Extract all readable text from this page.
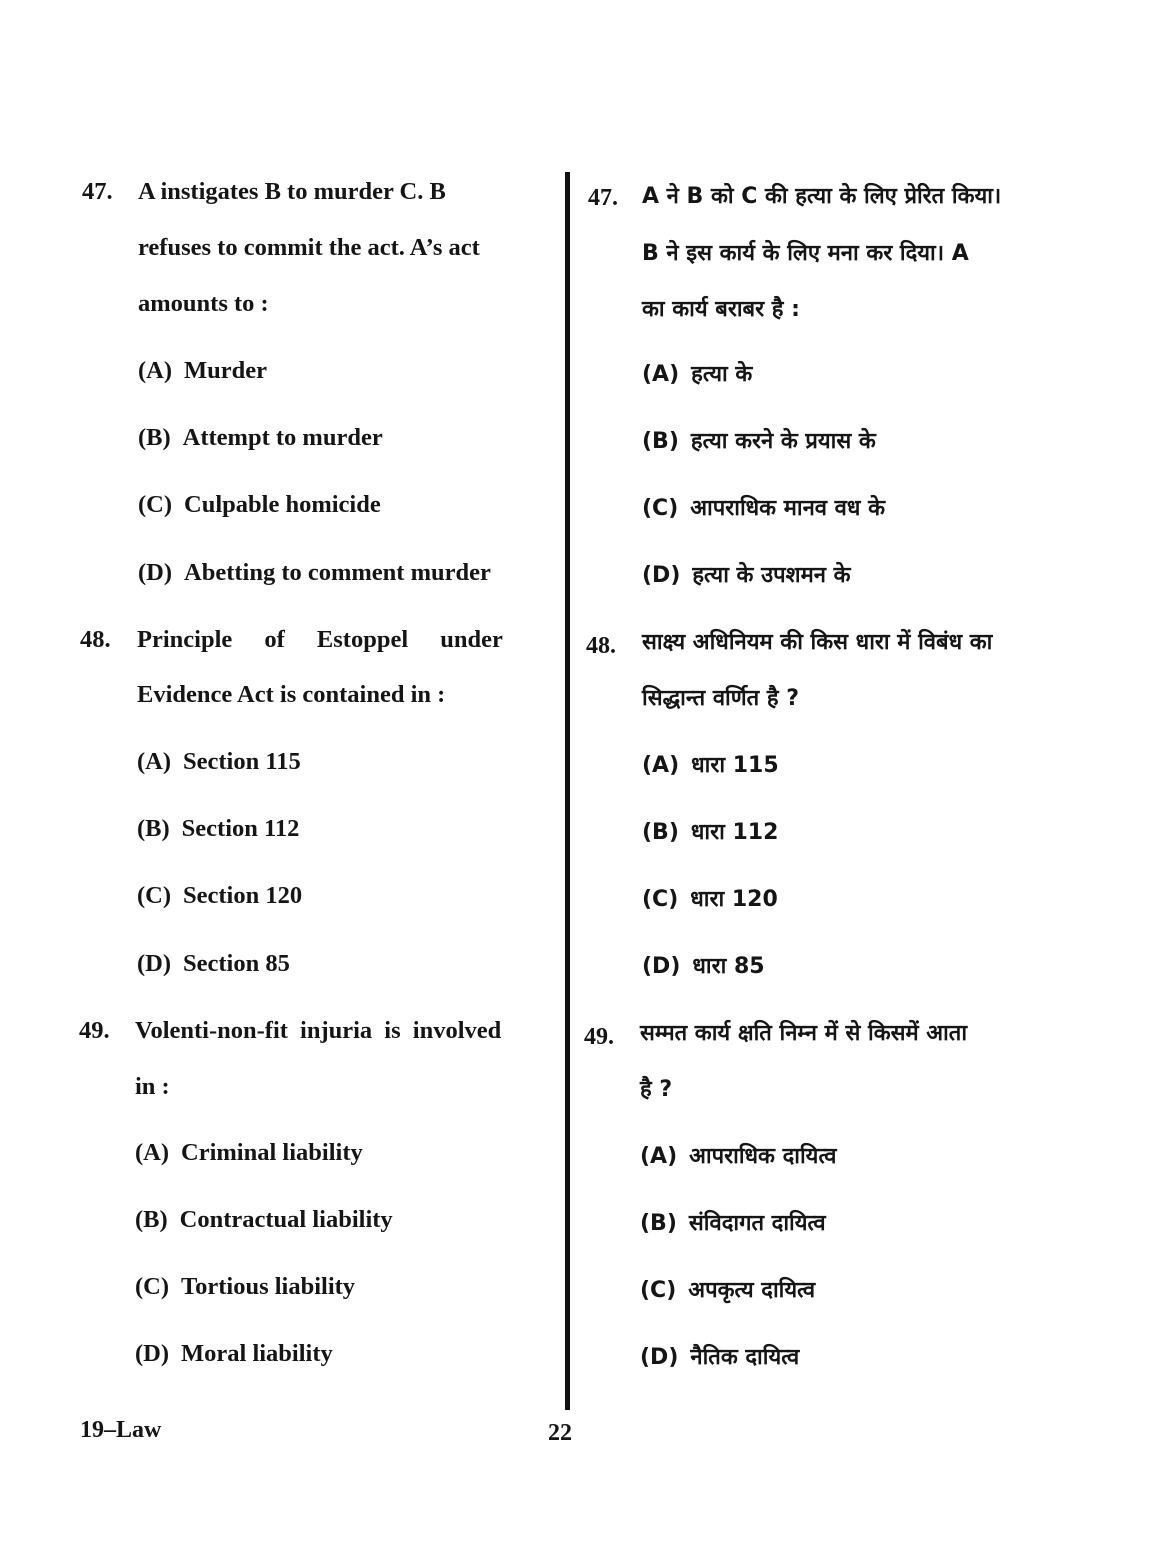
47. A instigates B to murder C. B
refuses to commit the act. A’s act
amounts to :
(A) Murder
(B) Attempt to murder
(C) Culpable homicide
(D) Abetting to comment murder
48. Principle of Estoppel under
Evidence Act is contained in :
(A) Section 115
(B) Section 112
(C) Section 120
(D) Section 85
49. Volenti-non-fit injuria is involved
in :
(A) Criminal liability
(B) Contractual liability
(C) Tortious liability
(D) Moral liability
47. A ने B को C की हत्या के लिए प्रेरित किया।
B ने इस कार्य के लिए मना कर दिया। A
का कार्य बराबर है :
(A) हत्या के
(B) हत्या करने के प्रयास के
(C) आपराधिक मानव वध के
(D) हत्या के उपशमन के
48. साक्ष्य अधिनियम की किस धारा में विबंध का
सिद्धान्त वर्णित है ?
(A) धारा 115
(B) धारा 112
(C) धारा 120
(D) धारा 85
49. सम्मत कार्य क्षति निम्न में से किसमें आता
है ?
(A) आपराधिक दायित्व
(B) संविदागत दायित्व
(C) अपकृत्य दायित्व
(D) नैतिक दायित्व
19–Law	22
